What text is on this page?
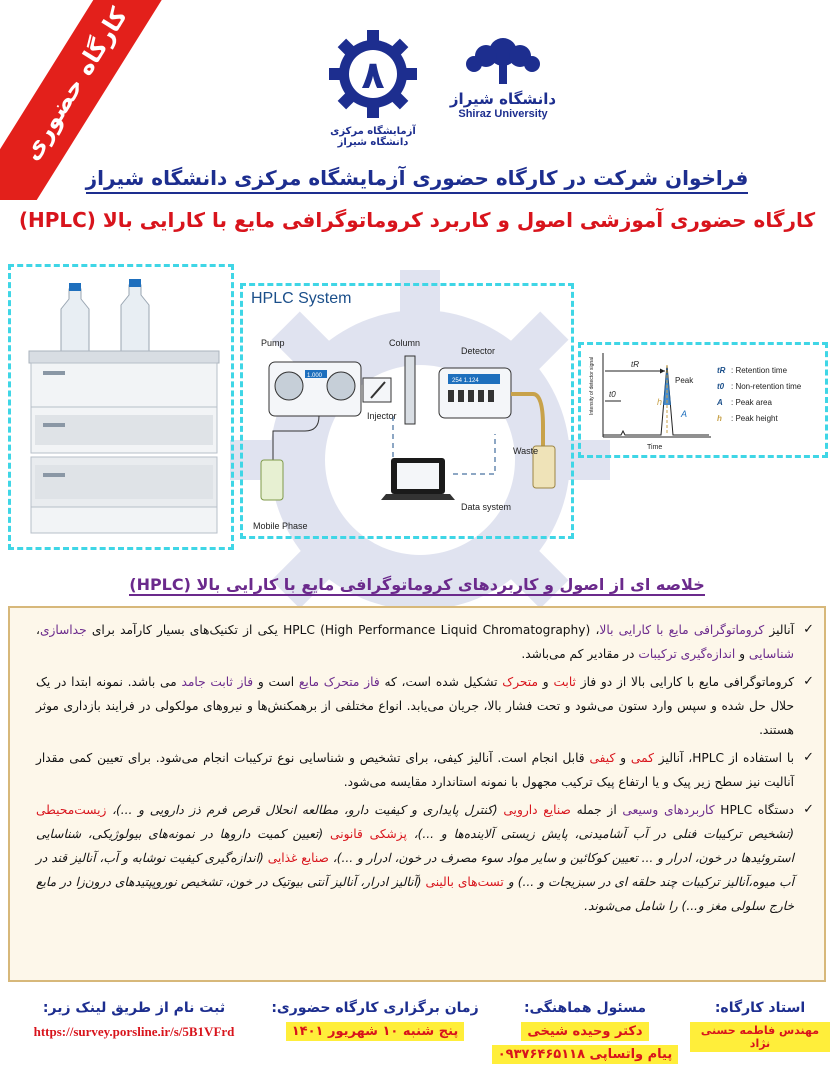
کارگاه حضوری	۸
آزمایشگاه مرکزی دانشگاه شیراز
دانشگاه شیراز
Shiraz University
فراخوان شرکت در کارگاه حضوری آزمایشگاه مرکزی دانشگاه شیراز
کارگاه حضوری آموزشی اصول و کاربرد کروماتوگرافی مایع با کارایی بالا (HPLC)
HPLC System
Pump	Column
Detector
Injector
Waste
Mobile Phase
Data system
1.000
254 1.124	Intensity of detector signal
Time
Peak
h
A
tR
t0
tR : Retention time
t0 : Non-retention time
A : Peak area
h : Peak height
خلاصه ای از اصول و کاربردهای کروماتوگرافی مایع با کارایی بالا (HPLC)
✓ آنالیز کروماتوگرافی مایع با کارایی بالا، HPLC (High Performance Liquid Chromatography) یکی از تکنیک‌های بسیار کارآمد برای جداسازی، شناسایی و اندازه‌گیری ترکیبات در مقادیر کم می‌باشد.
✓ کروماتوگرافی مایع با کارایی بالا از دو فاز ثابت و متحرک تشکیل شده است، که فاز متحرک مایع است و فاز ثابت جامد می باشد. نمونه ابتدا در یک حلال حل شده و سپس وارد ستون می‌شود و تحت فشار بالا، جریان می‌یابد. انواع مختلفی از برهمکنش‌ها و نیروهای مولکولی در فرایند بازداری موثر هستند.
✓ با استفاده از HPLC، آنالیز کمی و کیفی قابل انجام است. آنالیز کیفی، برای تشخیص و شناسایی نوع ترکیبات انجام می‌شود. برای تعیین کمی مقدار آنالیت نیز سطح زیر پیک و یا ارتفاع پیک ترکیب مجهول با نمونه استاندارد مقایسه می‌شود.
✓ دستگاه HPLC کاربردهای وسیعی از جمله صنایع دارویی (کنترل پایداری و کیفیت دارو، مطالعه انحلال قرص فرم ذز دارویی و ...)، زیست‌محیطی (تشخیص ترکیبات فنلی در آب آشامیدنی، پایش زیستی آلاینده‌ها و ...)، پزشکی قانونی (تعیین کمیت داروها در نمونه‌های بیولوژیکی، شناسایی استروئیدها در خون، ادرار و ... تعیین کوکائین و سایر مواد سوء مصرف در خون، ادرار و ...)، صنایع غذایی (اندازه‌گیری کیفیت نوشابه و آب، آنالیز قند در آب میوه،آنالیز ترکیبات چند حلقه ای در سبزیجات و ...) و تست‌های بالینی (آنالیز ادرار، آنالیز آنتی بیوتیک در خون، تشخیص نوروپپتیدهای درون‌زا در مایع خارج سلولی مغز و...) را شامل می‌شوند.
استاد کارگاه:
مهندس فاطمه حسنی نژاد
مسئول هماهنگی:
دکتر وحیده شیخی
پیام واتساپی ۰۹۳۷۶۴۶۵۱۱۸
زمان برگزاری کارگاه حضوری:
پنج شنبه ۱۰ شهریور ۱۴۰۱
ثبت نام از طریق لینک زیر:
https://survey.porsline.ir/s/5B1VFrd
